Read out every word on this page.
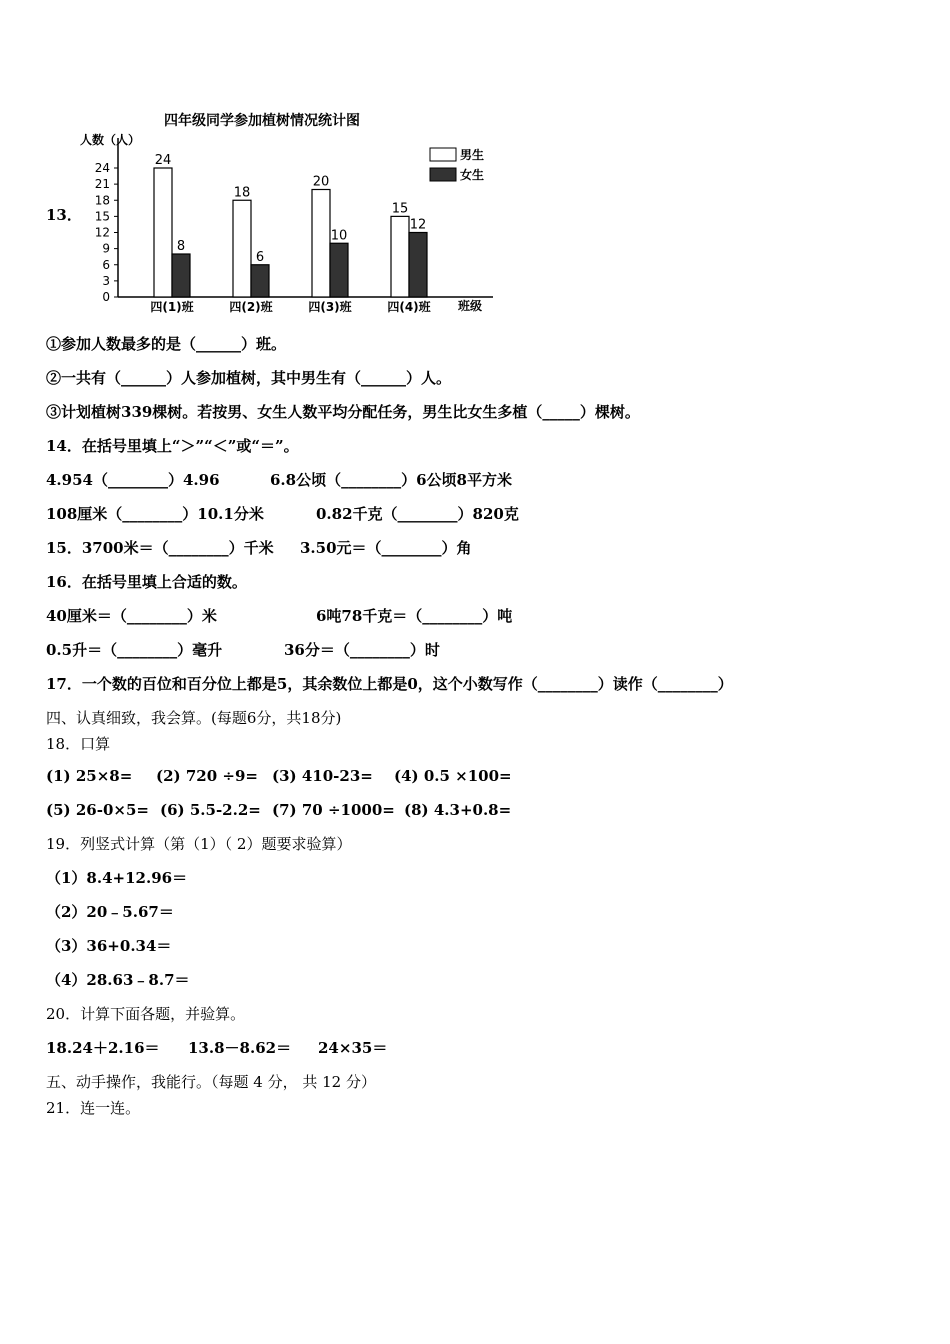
13．
四年级同学参加植树情况统计图
人数（人）
班级
0
3
6
9
12
15
18
21
24	24
8
四(1)班
18
6
四(2)班
20
10
四(3)班
15
12
四(4)班
男生
女生
①参加人数最多的是（______）班。
②一共有（______）人参加植树，其中男生有（______）人。
③计划植树339棵树。若按男、女生人数平均分配任务，男生比女生多植（_____）棵树。
14．在括号里填上“＞”“＜”或“＝”。
4.954（________）4.96	6.8公顷（________）6公顷8平方米
108厘米（________）10.1分米	0.82千克（________）820克
15．3700米＝（________）千米 3.50元＝（________）角
16．在括号里填上合适的数。
40厘米＝（________）米	6吨78千克＝（________）吨
0.5升＝（________）毫升	36分＝（________）时
17．一个数的百位和百分位上都是5，其余数位上都是0，这个小数写作（________）读作（________）
四、认真细致，我会算。(每题6分，共18分)
18．口算
(1) 25×8= (2) 720 ÷9= (3) 410-23= (4) 0.5 ×100=
(5) 26-0×5= (6) 5.5-2.2= (7) 70 ÷1000= (8) 4.3+0.8=
19．列竖式计算（第（1）（ 2）题要求验算）
（1）8.4+12.96＝
（2）20﹣5.67＝
（3）36+0.34＝
（4）28.63﹣8.7＝
20．计算下面各题，并验算。
18.24＋2.16＝ 13.8－8.62＝ 24×35＝
五、动手操作，我能行。（每题 4 分， 共 12 分）
21．连一连。
